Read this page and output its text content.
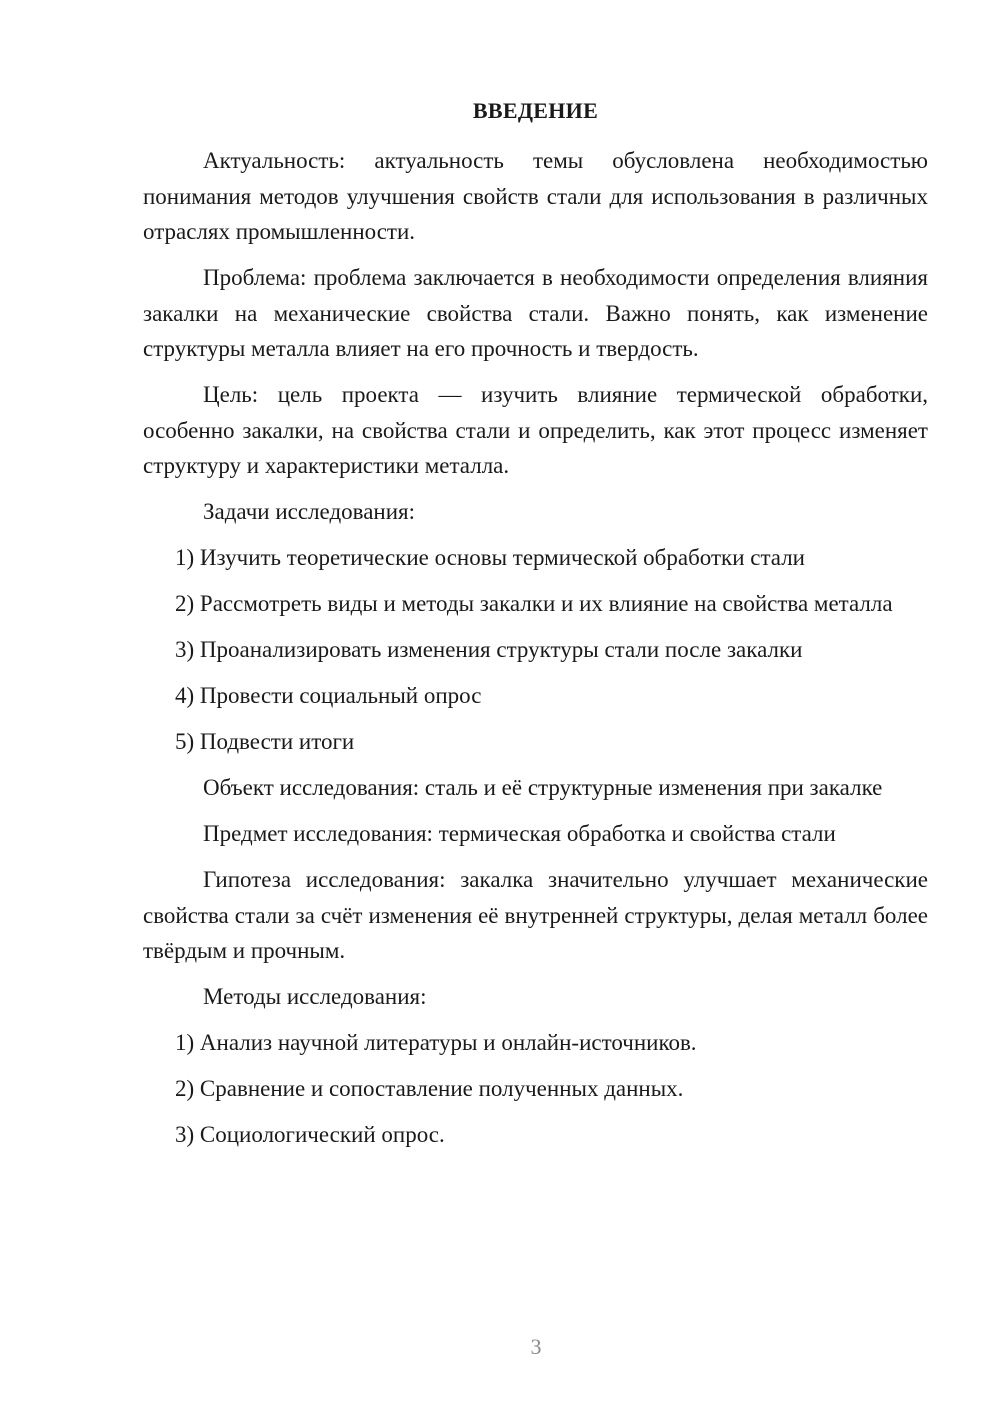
ВВЕДЕНИЕ

Актуальность: актуальность темы обусловлена необходимостью понимания методов улучшения свойств стали для использования в различных отраслях промышленности.

Проблема: проблема заключается в необходимости определения влияния закалки на механические свойства стали. Важно понять, как изменение структуры металла влияет на его прочность и твердость.

Цель: цель проекта — изучить влияние термической обработки, особенно закалки, на свойства стали и определить, как этот процесс изменяет структуру и характеристики металла.

Задачи исследования:

1) Изучить теоретические основы термической обработки стали

2) Рассмотреть виды и методы закалки и их влияние на свойства металла

3) Проанализировать изменения структуры стали после закалки

4) Провести социальный опрос

5) Подвести итоги

Объект исследования: сталь и её структурные изменения при закалке

Предмет исследования: термическая обработка и свойства стали

Гипотеза исследования: закалка значительно улучшает механические свойства стали за счёт изменения её внутренней структуры, делая металл более твёрдым и прочным.

Методы исследования:

1) Анализ научной литературы и онлайн-источников.

2) Сравнение и сопоставление полученных данных.

3) Социологический опрос.

3
